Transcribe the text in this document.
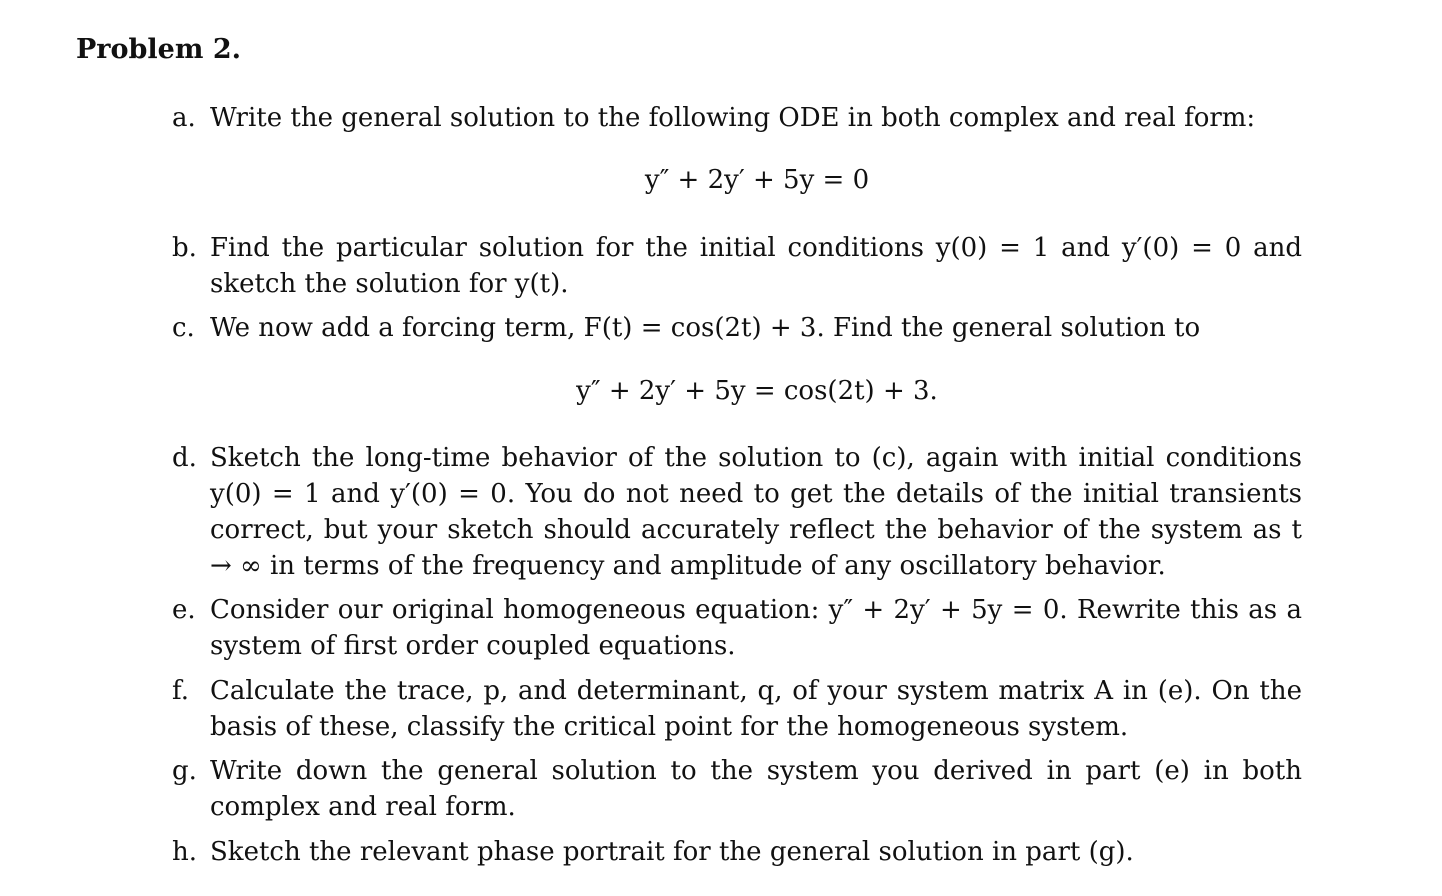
Problem 2.
a. Write the general solution to the following ODE in both complex and real form:
y″ + 2y′ + 5y = 0
b. Find the particular solution for the initial conditions y(0) = 1 and y′(0) = 0 and sketch the solution for y(t).
c. We now add a forcing term, F(t) = cos(2t) + 3. Find the general solution to
y″ + 2y′ + 5y = cos(2t) + 3.
d. Sketch the long-time behavior of the solution to (c), again with initial conditions y(0) = 1 and y′(0) = 0. You do not need to get the details of the initial transients correct, but your sketch should accurately reflect the behavior of the system as t → ∞ in terms of the frequency and amplitude of any oscillatory behavior.
e. Consider our original homogeneous equation: y″ + 2y′ + 5y = 0. Rewrite this as a system of first order coupled equations.
f. Calculate the trace, p, and determinant, q, of your system matrix A in (e). On the basis of these, classify the critical point for the homogeneous system.
g. Write down the general solution to the system you derived in part (e) in both complex and real form.
h. Sketch the relevant phase portrait for the general solution in part (g).
